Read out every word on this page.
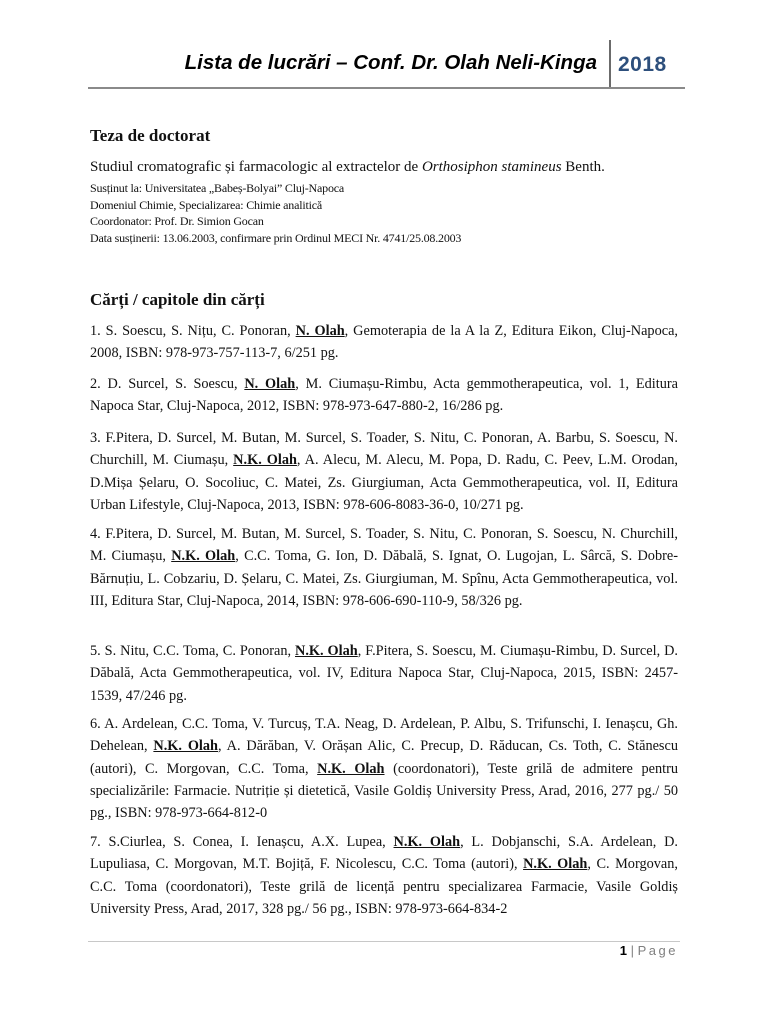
Lista de lucrări – Conf. Dr. Olah Neli-Kinga 2018
Teza de doctorat
Studiul cromatografic și farmacologic al extractelor de Orthosiphon stamineus Benth.
Susținut la: Universitatea „Babeș-Bolyai” Cluj-Napoca
Domeniul Chimie, Specializarea: Chimie analitică
Coordonator: Prof. Dr. Simion Gocan
Data susținerii: 13.06.2003, confirmare prin Ordinul MECI Nr. 4741/25.08.2003
Cărți / capitole din cărți
1. S. Soescu, S. Nițu, C. Ponoran, N. Olah, Gemoterapia de la A la Z, Editura Eikon, Cluj-Napoca, 2008, ISBN: 978-973-757-113-7, 6/251 pg.
2. D. Surcel, S. Soescu, N. Olah, M. Ciumașu-Rimbu, Acta gemmotherapeutica, vol. 1, Editura Napoca Star, Cluj-Napoca, 2012, ISBN: 978-973-647-880-2, 16/286 pg.
3. F.Pitera, D. Surcel, M. Butan, M. Surcel, S. Toader, S. Nitu, C. Ponoran, A. Barbu, S. Soescu, N. Churchill, M. Ciumașu, N.K. Olah, A. Alecu, M. Alecu, M. Popa, D. Radu, C. Peev, L.M. Orodan, D.Mișa Șelaru, O. Socoliuc, C. Matei, Zs. Giurgiuman, Acta Gemmotherapeutica, vol. II, Editura Urban Lifestyle, Cluj-Napoca, 2013, ISBN: 978-606-8083-36-0, 10/271 pg.
4. F.Pitera, D. Surcel, M. Butan, M. Surcel, S. Toader, S. Nitu, C. Ponoran, S. Soescu, N. Churchill, M. Ciumașu, N.K. Olah, C.C. Toma, G. Ion, D. Dăbală, S. Ignat, O. Lugojan, L. Sârcă, S. Dobre-Bărnuțiu, L. Cobzariu, D. Șelaru, C. Matei, Zs. Giurgiuman, M. Spînu, Acta Gemmotherapeutica, vol. III, Editura Star, Cluj-Napoca, 2014, ISBN: 978-606-690-110-9, 58/326 pg.
5. S. Nitu, C.C. Toma, C. Ponoran, N.K. Olah, F.Pitera, S. Soescu, M. Ciumașu-Rimbu, D. Surcel, D. Dăbală, Acta Gemmotherapeutica, vol. IV, Editura Napoca Star, Cluj-Napoca, 2015, ISBN: 2457-1539, 47/246 pg.
6. A. Ardelean, C.C. Toma, V. Turcuș, T.A. Neag, D. Ardelean, P. Albu, S. Trifunschi, I. Ienașcu, Gh. Dehelean, N.K. Olah, A. Dărăban, V. Orășan Alic, C. Precup, D. Răducan, Cs. Toth, C. Stănescu (autori), C. Morgovan, C.C. Toma, N.K. Olah (coordonatori), Teste grilă de admitere pentru specializările: Farmacie. Nutriție și dietetică, Vasile Goldiș University Press, Arad, 2016, 277 pg./ 50 pg., ISBN: 978-973-664-812-0
7. S.Ciurlea, S. Conea, I. Ienașcu, A.X. Lupea, N.K. Olah, L. Dobjanschi, S.A. Ardelean, D. Lupuliasa, C. Morgovan, M.T. Bojiță, F. Nicolescu, C.C. Toma (autori), N.K. Olah, C. Morgovan, C.C. Toma (coordonatori), Teste grilă de licență pentru specializarea Farmacie, Vasile Goldiș University Press, Arad, 2017, 328 pg./ 56 pg., ISBN: 978-973-664-834-2
1 | Page
